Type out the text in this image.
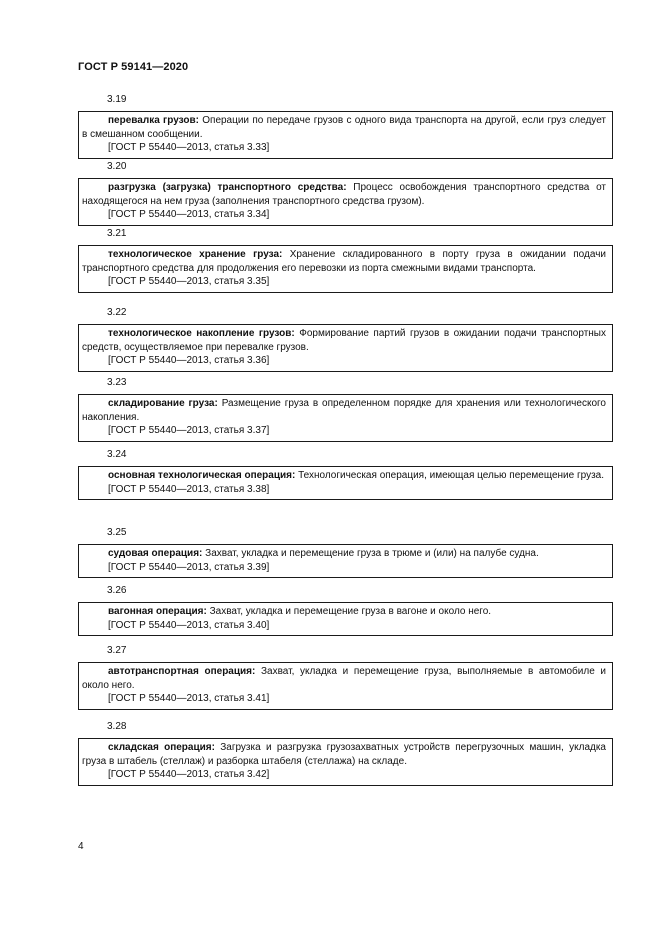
ГОСТ Р 59141—2020
3.19

перевалка грузов: Операции по передаче грузов с одного вида транспорта на другой, если груз следует в смешанном сообщении.

[ГОСТ Р 55440—2013, статья 3.33]

3.20

разгрузка (загрузка) транспортного средства: Процесс освобождения транспортного средства от находящегося на нем груза (заполнения транспортного средства грузом).

[ГОСТ Р 55440—2013, статья 3.34]

3.21

технологическое хранение груза: Хранение складированного в порту груза в ожидании подачи транспортного средства для продолжения его перевозки из порта смежными видами транспорта.

[ГОСТ Р 55440—2013, статья 3.35]

3.22

технологическое накопление грузов: Формирование партий грузов в ожидании подачи транспортных средств, осуществляемое при перевалке грузов.

[ГОСТ Р 55440—2013, статья 3.36]

3.23

складирование груза: Размещение груза в определенном порядке для хранения или технологического накопления.

[ГОСТ Р 55440—2013, статья 3.37]

3.24

основная технологическая операция: Технологическая операция, имеющая целью перемещение груза.

[ГОСТ Р 55440—2013, статья 3.38]

3.25

судовая операция: Захват, укладка и перемещение груза в трюме и (или) на палубе судна.

[ГОСТ Р 55440—2013, статья 3.39]

3.26

вагонная операция: Захват, укладка и перемещение груза в вагоне и около него.

[ГОСТ Р 55440—2013, статья 3.40]

3.27

автотранспортная операция: Захват, укладка и перемещение груза, выполняемые в автомобиле и около него.

[ГОСТ Р 55440—2013, статья 3.41]

3.28

складская операция: Загрузка и разгрузка грузозахватных устройств перегрузочных машин, укладка груза в штабель (стеллаж) и разборка штабеля (стеллажа) на складе.

[ГОСТ Р 55440—2013, статья 3.42]

4
